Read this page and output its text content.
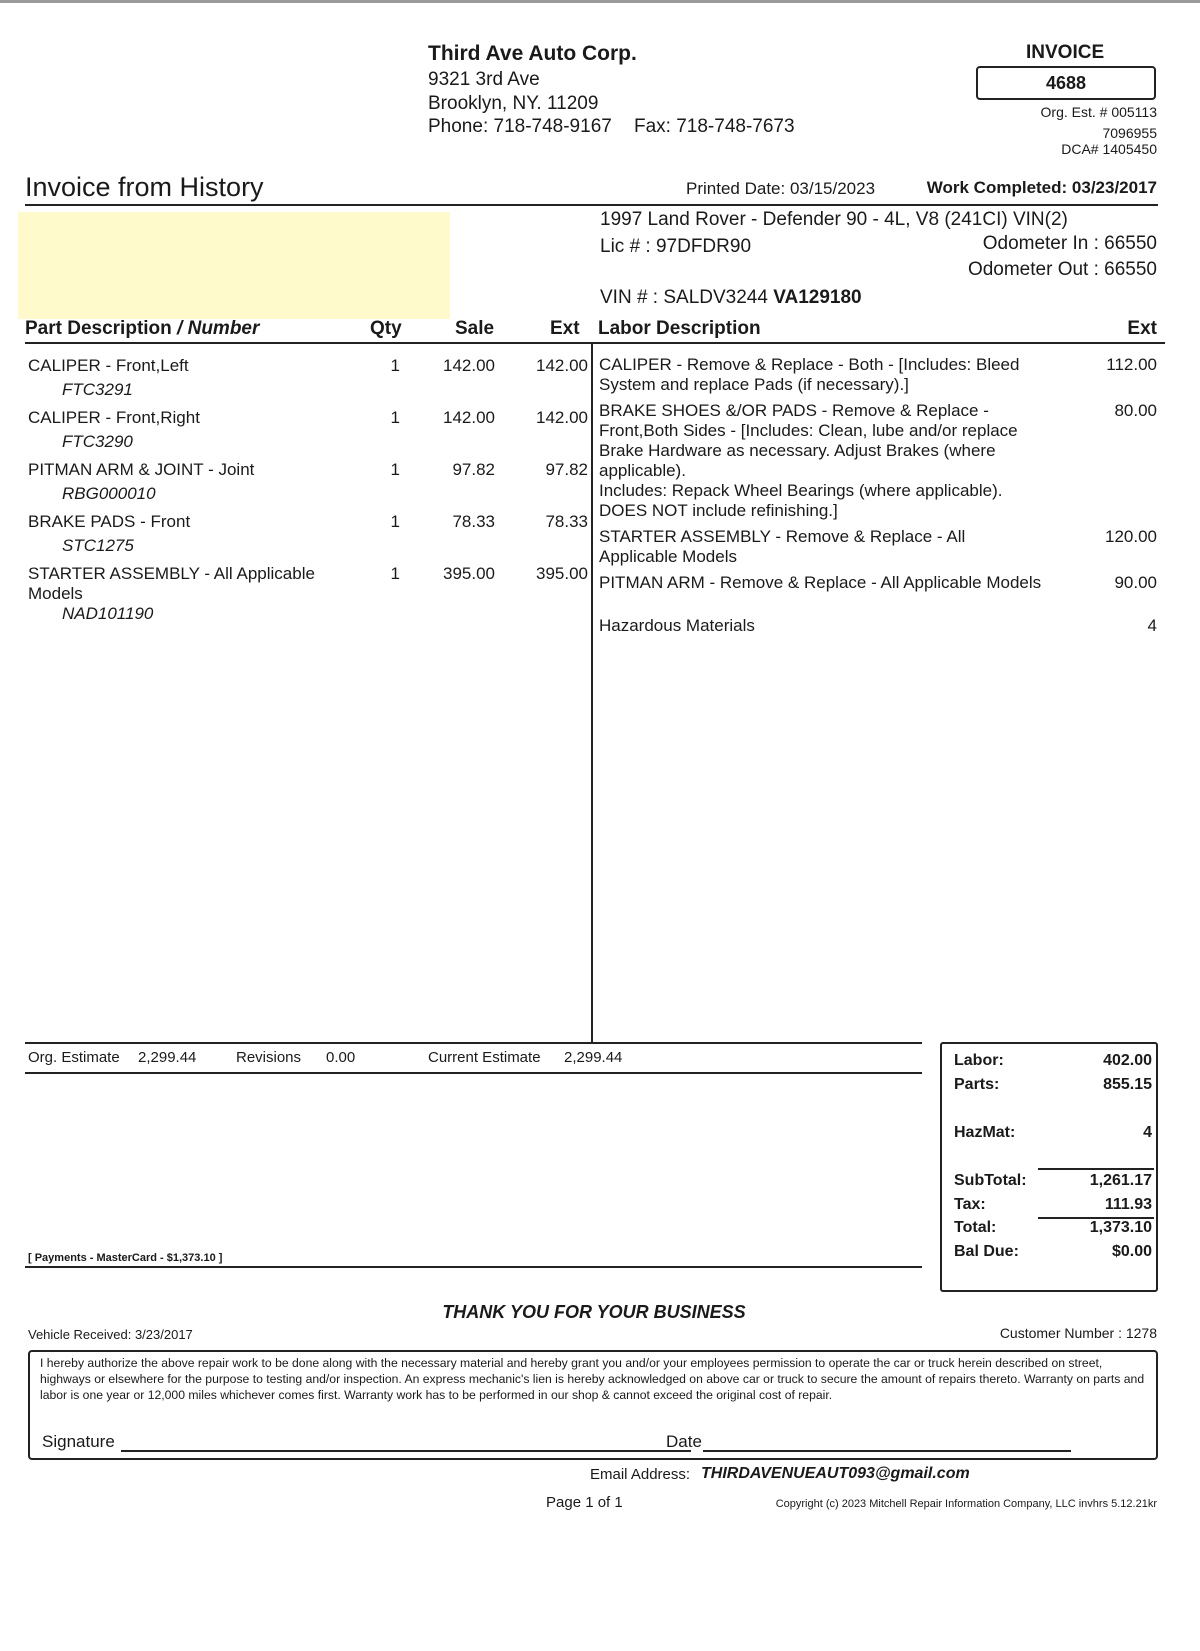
Third Ave Auto Corp.
9321 3rd Ave
Brooklyn, NY. 11209
Phone: 718-748-9167 Fax: 718-748-7673
INVOICE
4688
Org. Est. # 005113
7096955
DCA# 1405450
Invoice from History	Printed Date: 03/15/2023	Work Completed: 03/23/2017
1997 Land Rover - Defender 90 - 4L, V8 (241CI) VIN(2)
Lic # : 97DFDR90	Odometer In : 66550
Odometer Out : 66550
VIN # : SALDV3244 VA129180
Part Description / Number	Qty	Sale	Ext Labor Description	Ext
CALIPER - Front,Left
FTC3291
1	142.00	142.00
CALIPER - Front,Right
FTC3290
1	142.00	142.00
PITMAN ARM & JOINT - Joint
RBG000010
1	97.82	97.82
BRAKE PADS - Front
STC1275
1	78.33	78.33
STARTER ASSEMBLY - All Applicable Models
NAD101190
1	395.00	395.00
CALIPER - Remove & Replace - Both - [Includes: Bleed System and replace Pads (if necessary).]
112.00
BRAKE SHOES &/OR PADS - Remove & Replace - Front,Both Sides - [Includes: Clean, lube and/or replace Brake Hardware as necessary. Adjust Brakes (where applicable).
Includes: Repack Wheel Bearings (where applicable). DOES NOT include refinishing.]
80.00
STARTER ASSEMBLY - Remove & Replace - All Applicable Models
120.00
PITMAN ARM - Remove & Replace - All Applicable Models	90.00
Hazardous Materials	4
Org. Estimate 2,299.44	Revisions 0.00	Current Estimate 2,299.44
[ Payments - MasterCard - $1,373.10 ]
Labor:	402.00
Parts:	855.15
HazMat:	4
SubTotal:	1,261.17
Tax:	111.93
Total:	1,373.10
Bal Due:	$0.00
THANK YOU FOR YOUR BUSINESS
Vehicle Received: 3/23/2017	Customer Number : 1278
I hereby authorize the above repair work to be done along with the necessary material and hereby grant you and/or your employees permission to operate the car or truck herein described on street, highways or elsewhere for the purpose to testing and/or inspection. An express mechanic's lien is hereby acknowledged on above car or truck to secure the amount of repairs thereto. Warranty on parts and labor is one year or 12,000 miles whichever comes first. Warranty work has to be performed in our shop & cannot exceed the original cost of repair.
Signature	Date
Email Address: THIRDAVENUEAUT093@gmail.com
Page 1 of 1	Copyright (c) 2023 Mitchell Repair Information Company, LLC invhrs 5.12.21kr
